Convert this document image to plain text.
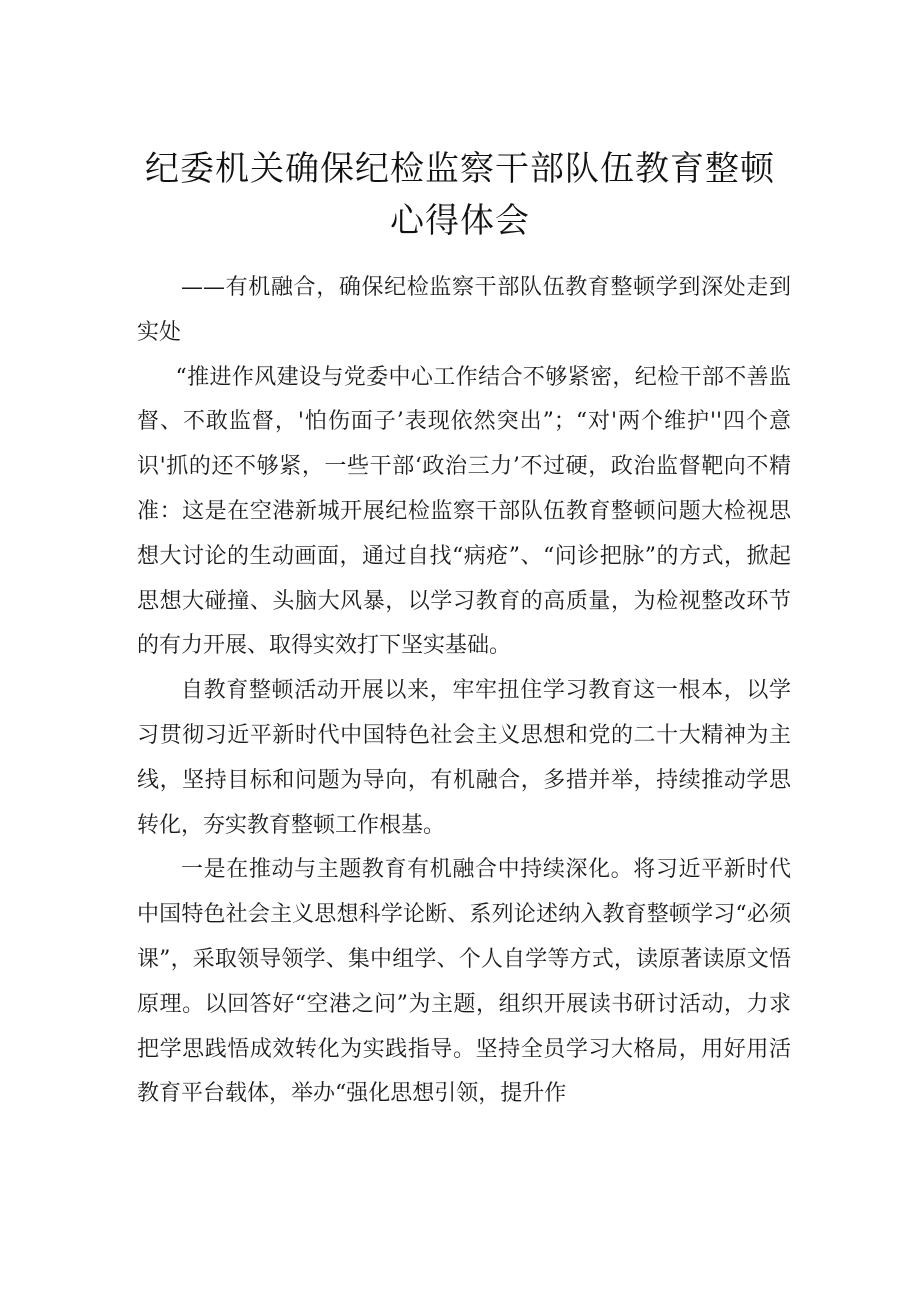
纪委机关确保纪检监察干部队伍教育整顿
心得体会

——有机融合，确保纪检监察干部队伍教育整顿学到深处走到实处

“推进作风建设与党委中心工作结合不够紧密，纪检干部不善监督、不敢监督，'怕伤面子’表现依然突出”；“对'两个维护''四个意识'抓的还不够紧，一些干部‘政治三力’不过硬，政治监督靶向不精准：这是在空港新城开展纪检监察干部队伍教育整顿问题大检视思想大讨论的生动画面，通过自找“病疮”、“问诊把脉”的方式，掀起思想大碰撞、头脑大风暴，以学习教育的高质量，为检视整改环节的有力开展、取得实效打下坚实基础。

自教育整顿活动开展以来，牢牢扭住学习教育这一根本，以学习贯彻习近平新时代中国特色社会主义思想和党的二十大精神为主线，坚持目标和问题为导向，有机融合，多措并举，持续推动学思转化，夯实教育整顿工作根基。

一是在推动与主题教育有机融合中持续深化。将习近平新时代中国特色社会主义思想科学论断、系列论述纳入教育整顿学习“必须课”，采取领导领学、集中组学、个人自学等方式，读原著读原文悟原理。以回答好“空港之问”为主题，组织开展读书研讨活动，力求把学思践悟成效转化为实践指导。坚持全员学习大格局，用好用活教育平台载体，举办“强化思想引领，提升作
